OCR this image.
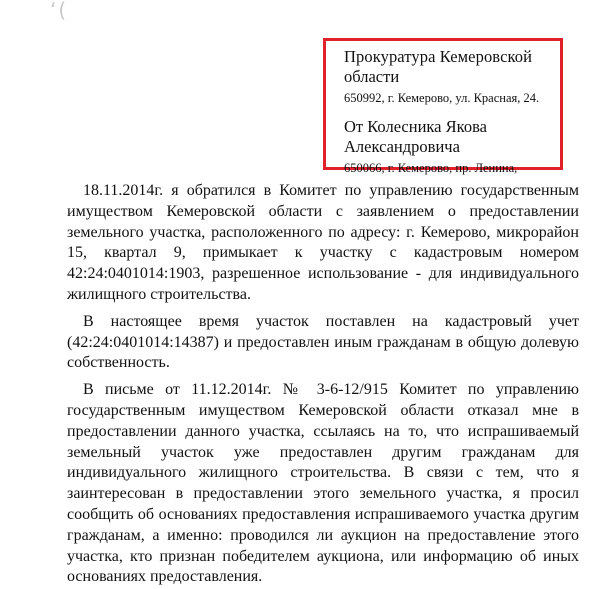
ʻ(

Прокуратура Кемеровской

области

650992, г. Кемерово, ул. Красная, 24.

От Колесника Якова

Александровича

650066, г. Кемерово, пр. Ленина,

18.11.2014г. я обратился в Комитет по управлению государственным
имуществом Кемеровской области с заявлением о предоставлении
земельного участка, расположенного по адресу: г. Кемерово, микрорайон
15, квартал 9, примыкает к участку с кадастровым номером
42:24:0401014:1903, разрешенное использование - для индивидуального
жилищного строительства.
В настоящее время участок поставлен на кадастровый учет
(42:24:0401014:14387) и предоставлен иным гражданам в общую долевую
собственность.
В письме от 11.12.2014г. № 3-6-12/915 Комитет по управлению
государственным имуществом Кемеровской области отказал мне в
предоставлении данного участка, ссылаясь на то, что испрашиваемый
земельный участок уже предоставлен другим гражданам для
индивидуального жилищного строительства. В связи с тем, что я
заинтересован в предоставлении этого земельного участка, я просил
сообщить об основаниях предоставления испрашиваемого участка другим
гражданам, а именно: проводился ли аукцион на предоставление этого
участка, кто признан победителем аукциона, или информацию об иных
основаниях предоставления.
